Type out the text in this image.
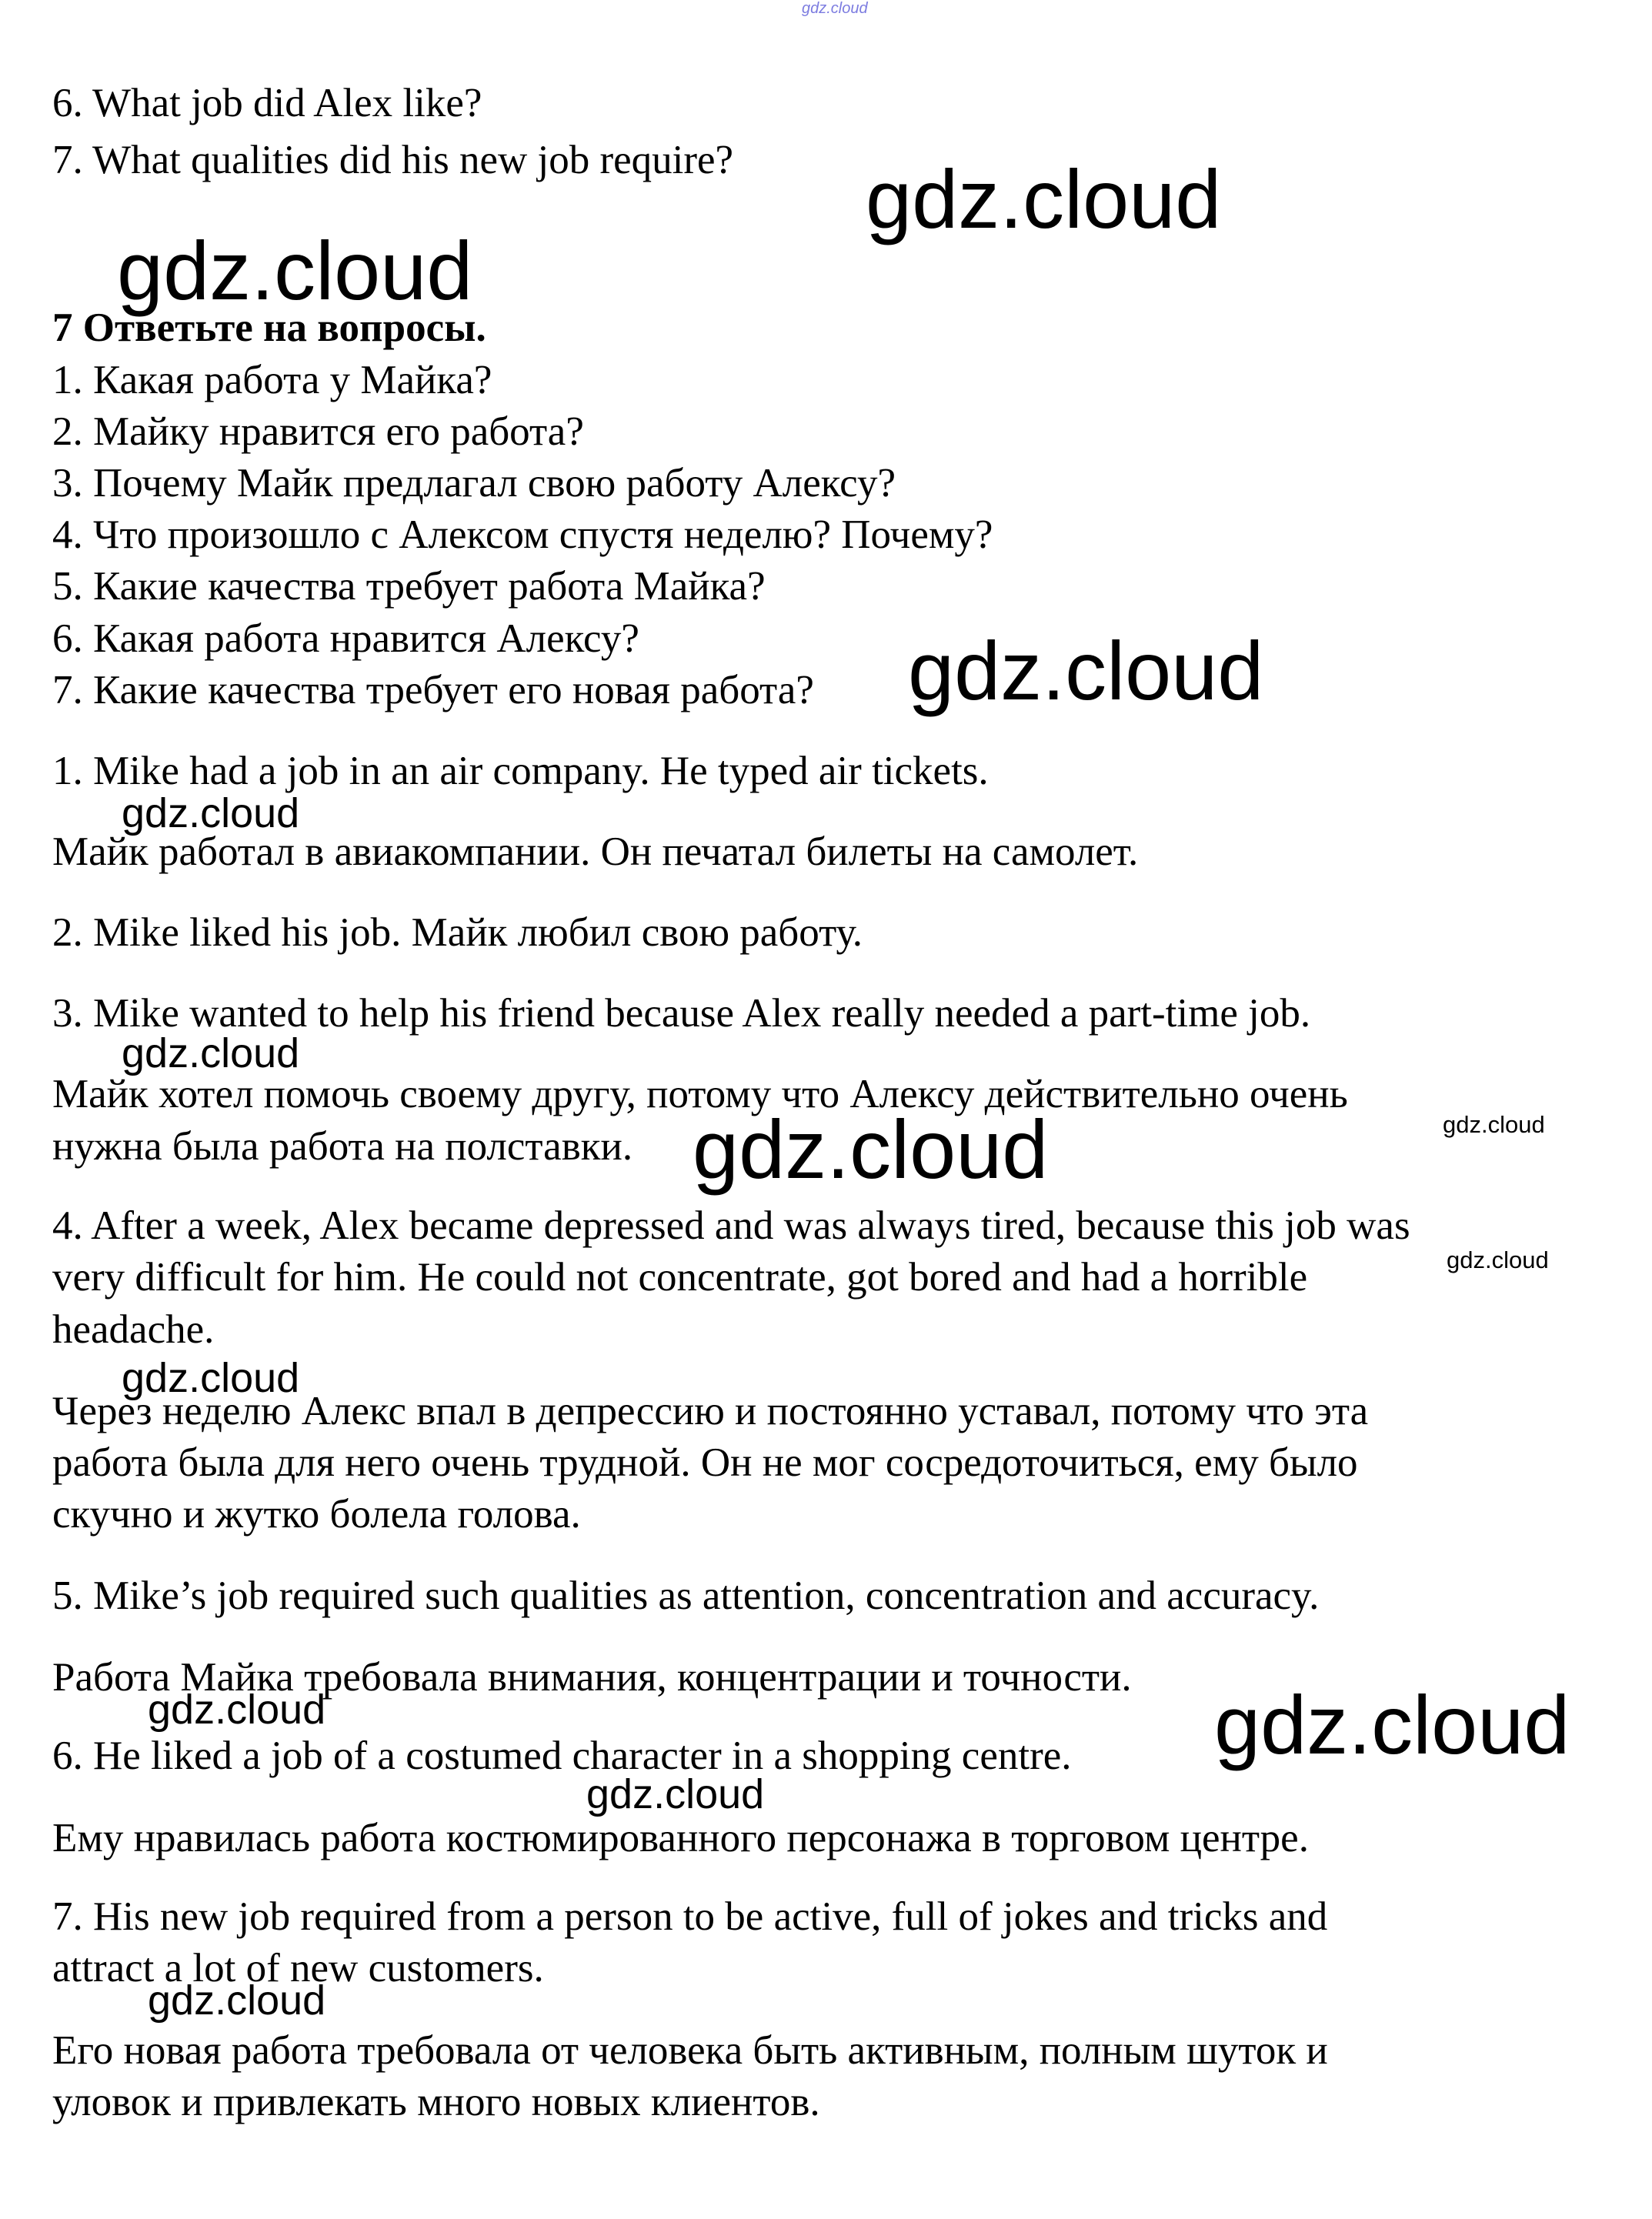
gdz.cloud
6. What job did Alex like?
7. What qualities did his new job require?
7 Ответьте на вопросы.
1. Какая работа у Майка?
2. Майку нравится его работа?
3. Почему Майк предлагал свою работу Алексу?
4. Что произошло с Алексом спустя неделю? Почему?
5. Какие качества требует работа Майка?
6. Какая работа нравится Алексу?
7. Какие качества требует его новая работа?
1. Mike had a job in an air company. He typed air tickets.
Майк работал в авиакомпании. Он печатал билеты на самолет.
2. Mike liked his job. Майк любил свою работу.
3. Mike wanted to help his friend because Alex really needed a part-time job.
Майк хотел помочь своему другу, потому что Алексу действительно очень
нужна была работа на полставки.
4. After a week, Alex became depressed and was always tired, because this job was
very difficult for him. He could not concentrate, got bored and had a horrible
headache.
Через неделю Алекс впал в депрессию и постоянно уставал, потому что эта
работа была для него очень трудной. Он не мог сосредоточиться, ему было
скучно и жутко болела голова.
5. Mike’s job required such qualities as attention, concentration and accuracy.
Работа Майка требовала внимания, концентрации и точности.
6. He liked a job of a costumed character in a shopping centre.
Ему нравилась работа костюмированного персонажа в торговом центре.
7. His new job required from a person to be active, full of jokes and tricks and
attract a lot of new customers.
Его новая работа требовала от человека быть активным, полным шуток и
уловок и привлекать много новых клиентов.
gdz.cloud
gdz.cloud
gdz.cloud
gdz.cloud
gdz.cloud
gdz.cloud	gdz.cloud
gdz.cloud
gdz.cloud
gdz.cloud	gdz.cloud
gdz.cloud
gdz.cloud
